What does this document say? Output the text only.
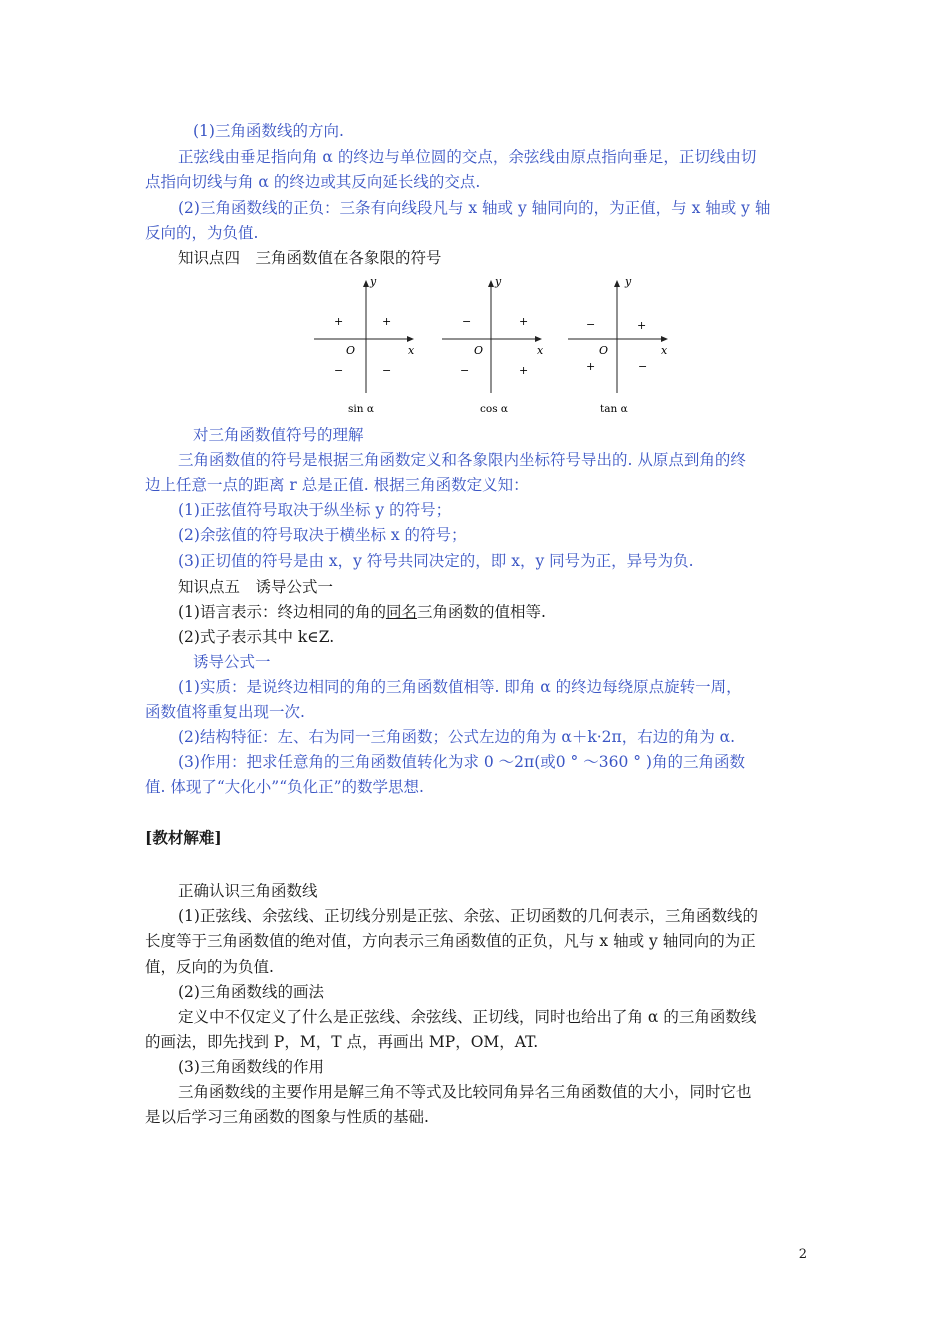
(1)三角函数线的方向.
正弦线由垂足指向角 α 的终边与单位圆的交点，余弦线由原点指向垂足，正切线由切
点指向切线与角 α 的终边或其反向延长线的交点.
(2)三角函数线的正负：三条有向线段凡与 x 轴或 y 轴同向的，为正值，与 x 轴或 y 轴
反向的，为负值.
知识点四　三角函数值在各象限的符号
y
x
O
+
+
−	−
sin α
y
x
O
+
−
−	+
cos α
y
x
O
+
−
+	−
tan α
对三角函数值符号的理解
三角函数值的符号是根据三角函数定义和各象限内坐标符号导出的. 从原点到角的终
边上任意一点的距离 r 总是正值. 根据三角函数定义知：
(1)正弦值符号取决于纵坐标 y 的符号；
(2)余弦值的符号取决于横坐标 x 的符号；
(3)正切值的符号是由 x，y 符号共同决定的，即 x，y 同号为正，异号为负.
知识点五　诱导公式一
(1)语言表示：终边相同的角的同名三角函数的值相等.
(2)式子表示其中 k∈Z.
诱导公式一
(1)实质：是说终边相同的角的三角函数值相等. 即角 α 的终边每绕原点旋转一周，
函数值将重复出现一次.
(2)结构特征：左、右为同一三角函数；公式左边的角为 α＋k·2π，右边的角为 α.
(3)作用：把求任意角的三角函数值转化为求 0 ～2π(或0 ° ～360 ° )角的三角函数
值. 体现了“大化小”“负化正”的数学思想.
[教材解难]
正确认识三角函数线
(1)正弦线、余弦线、正切线分别是正弦、余弦、正切函数的几何表示，三角函数线的
长度等于三角函数值的绝对值，方向表示三角函数值的正负，凡与 x 轴或 y 轴同向的为正
值，反向的为负值.
(2)三角函数线的画法
定义中不仅定义了什么是正弦线、余弦线、正切线，同时也给出了角 α 的三角函数线
的画法，即先找到 P，M，T 点，再画出 MP，OM，AT.
(3)三角函数线的作用
三角函数线的主要作用是解三角不等式及比较同角异名三角函数值的大小，同时它也
是以后学习三角函数的图象与性质的基础.
2
